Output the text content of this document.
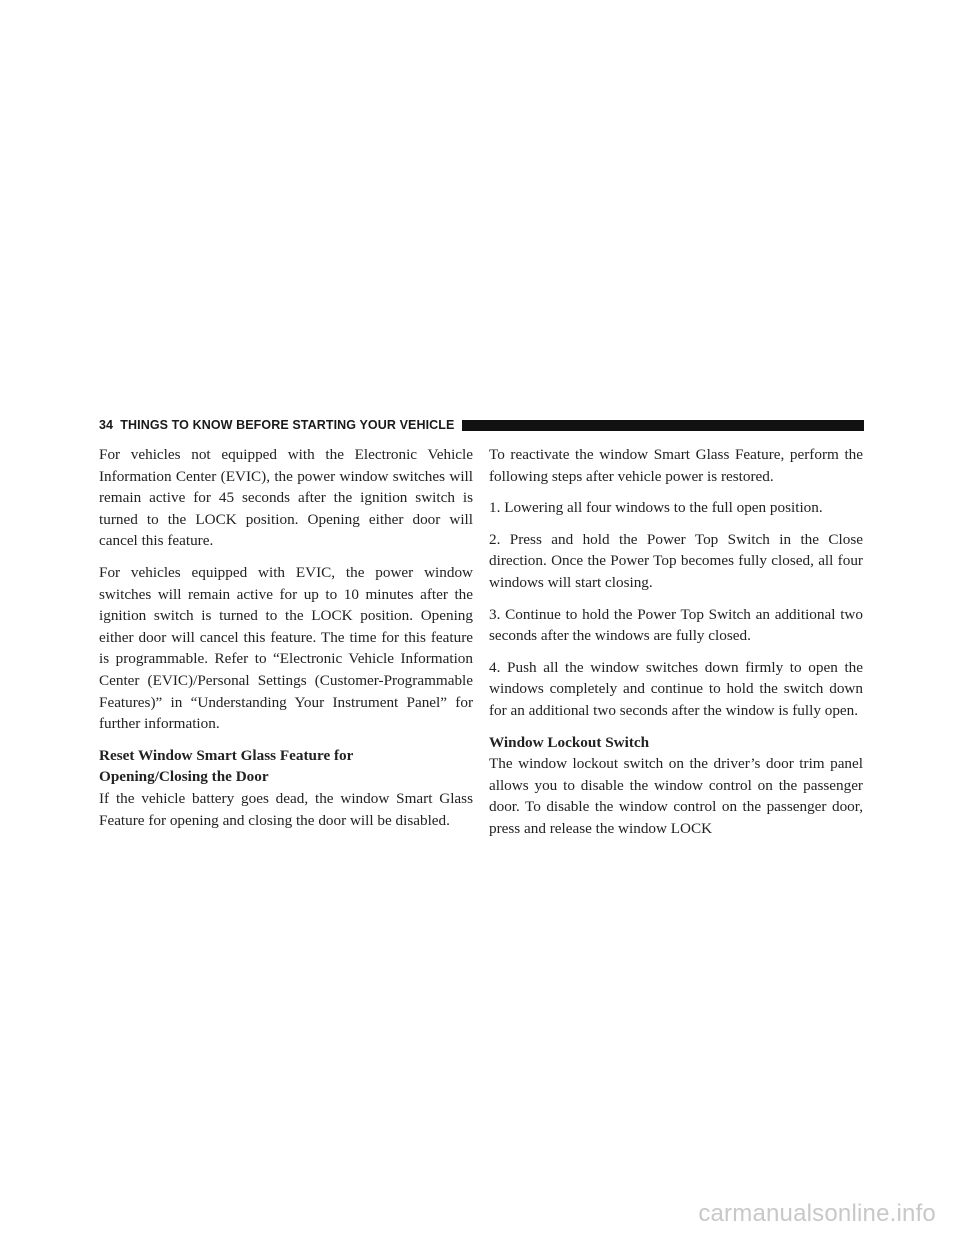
34 THINGS TO KNOW BEFORE STARTING YOUR VEHICLE

For vehicles not equipped with the Electronic Vehicle Information Center (EVIC), the power window switches will remain active for 45 seconds after the ignition switch is turned to the LOCK position. Opening either door will cancel this feature.

For vehicles equipped with EVIC, the power window switches will remain active for up to 10 minutes after the ignition switch is turned to the LOCK position. Opening either door will cancel this feature. The time for this feature is programmable. Refer to “Electronic Vehicle Information Center (EVIC)/Personal Settings (Customer-Programmable Features)” in “Understanding Your Instrument Panel” for further information.

Reset Window Smart Glass Feature for
Opening/Closing the Door

If the vehicle battery goes dead, the window Smart Glass Feature for opening and closing the door will be disabled.

To reactivate the window Smart Glass Feature, perform the following steps after vehicle power is restored.

1. Lowering all four windows to the full open position.

2. Press and hold the Power Top Switch in the Close direction. Once the Power Top becomes fully closed, all four windows will start closing.

3. Continue to hold the Power Top Switch an additional two seconds after the windows are fully closed.

4. Push all the window switches down firmly to open the windows completely and continue to hold the switch down for an additional two seconds after the window is fully open.

Window Lockout Switch

The window lockout switch on the driver’s door trim panel allows you to disable the window control on the passenger door. To disable the window control on the passenger door, press and release the window LOCK

carmanualsonline.info
